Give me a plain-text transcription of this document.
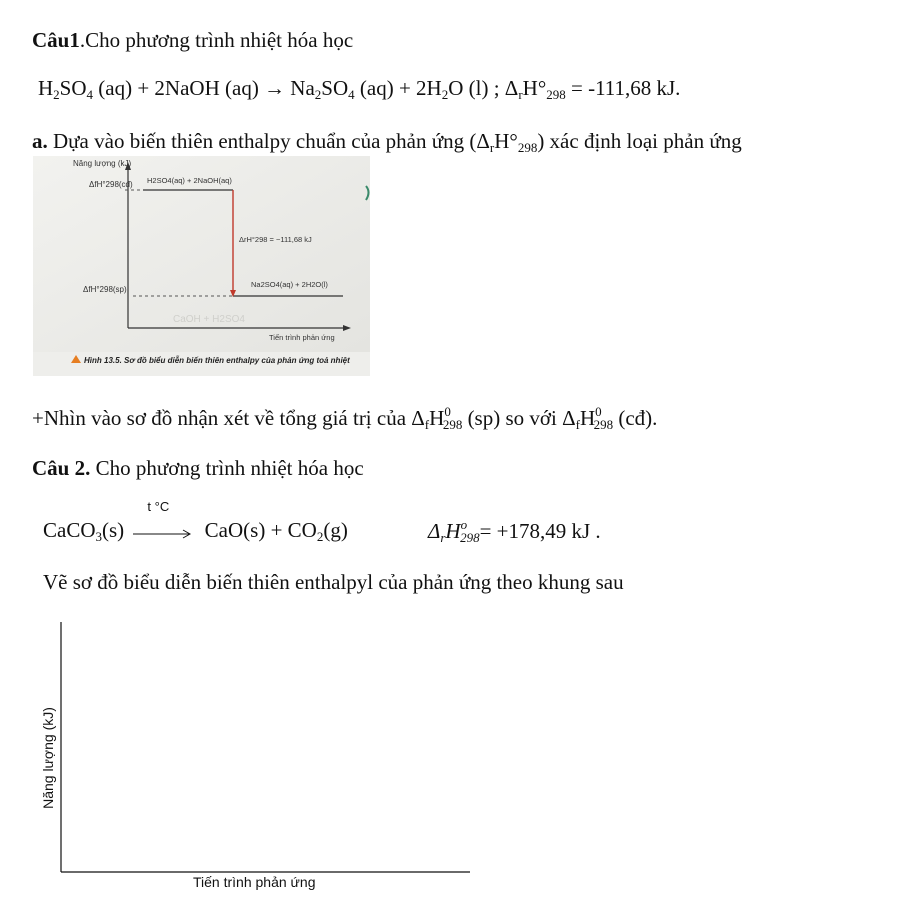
Câu1.Cho phương trình nhiệt hóa học
$H_2SO_4$ (aq) + 2NaOH $(aq) \to Na_2SO_4$ $(aq) + 2H_2O$ (l) ; $\Delta_rH^\circ_{298} = -111,68$ kJ.
a. Dựa vào biến thiên enthalpy chuẩn của phản ứng $(\Delta_rH^\circ_{298})$ xác định loại phản ứng
CaOH + H2SO4
Năng lượng (kJ)
ΔfH°298(cđ)
ΔfH°298(sp)
H2SO4(aq) + 2NaOH(aq)
Na2SO4(aq) + 2H2O(l)
ΔrH°298 = −111,68 kJ
Tiến trình phản ứng
Hình 13.5. Sơ đồ biểu diễn biến thiên enthalpy của phản ứng toả nhiệt
+Nhìn vào sơ đồ nhận xét về tổng giá trị của $\Delta_fH^0_{298}$ (sp) so với $\Delta_fH^0_{298}$ (cđ).
Câu 2. Cho phương trình nhiệt hóa học
CaCO$_3$(s)
t °C
$CaO(s) + CO_2(g)$	$\Delta_rH^o_{298}= +178,49$ kJ .
Vẽ sơ đồ biểu diễn biến thiên enthalpyl của phản ứng theo khung sau
Năng lượng (kJ)
Tiến trình phản ứng
